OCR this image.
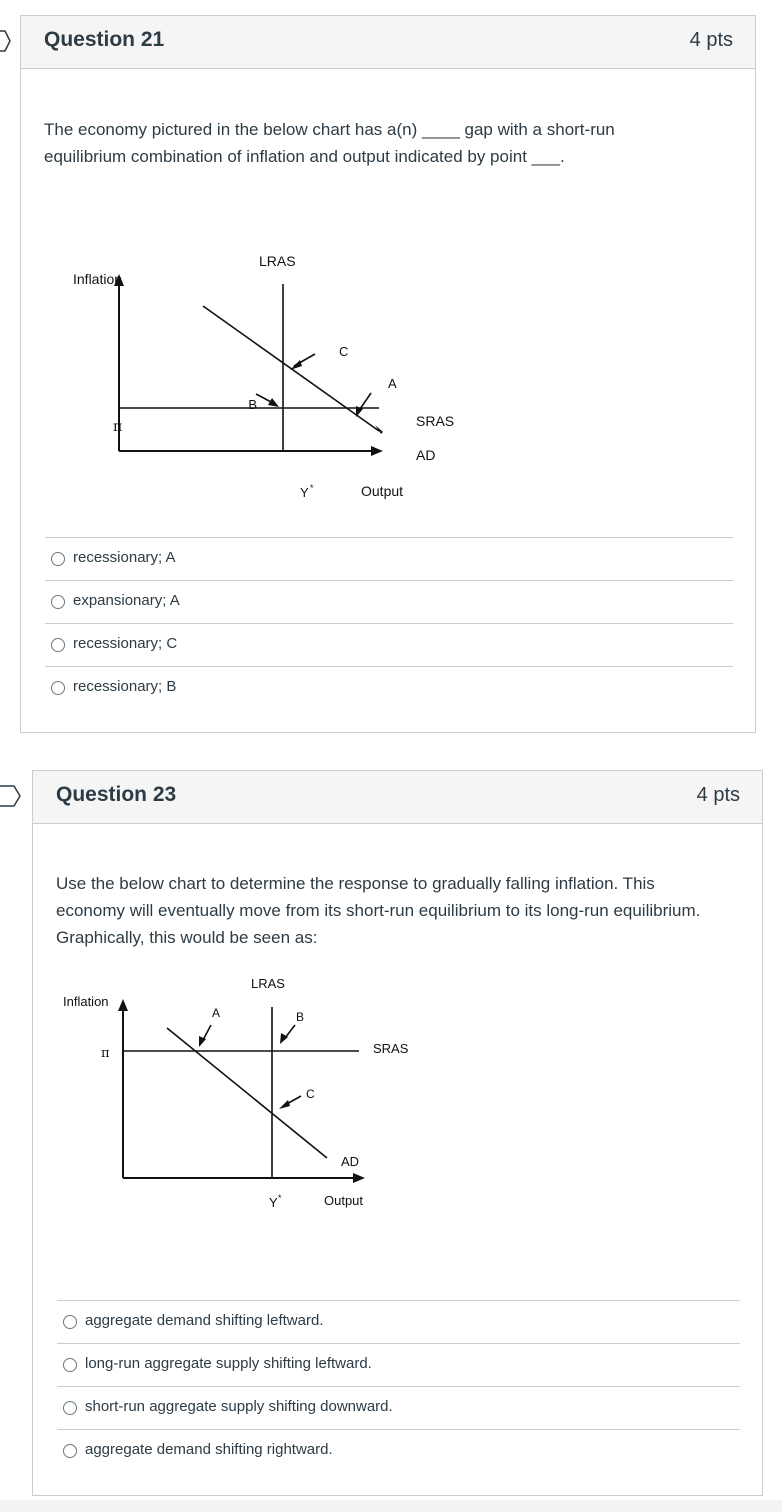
Question 21	4 pts
The economy pictured in the below chart has a(n) ____ gap with a short-run equilibrium combination of inflation and output indicated by point ___.
Inflation
LRAS
C
A
B
π	SRAS
AD
Y *	Output
recessionary; A
expansionary; A
recessionary; C
recessionary; B
Question 23	4 pts
Use the below chart to determine the response to gradually falling inflation. This economy will eventually move from its short-run equilibrium to its long-run equilibrium. Graphically, this would be seen as:
Inflation
LRAS
A	B
π	SRAS
C
AD
Y *	Output
aggregate demand shifting leftward.
long-run aggregate supply shifting leftward.
short-run aggregate supply shifting downward.
aggregate demand shifting rightward.
